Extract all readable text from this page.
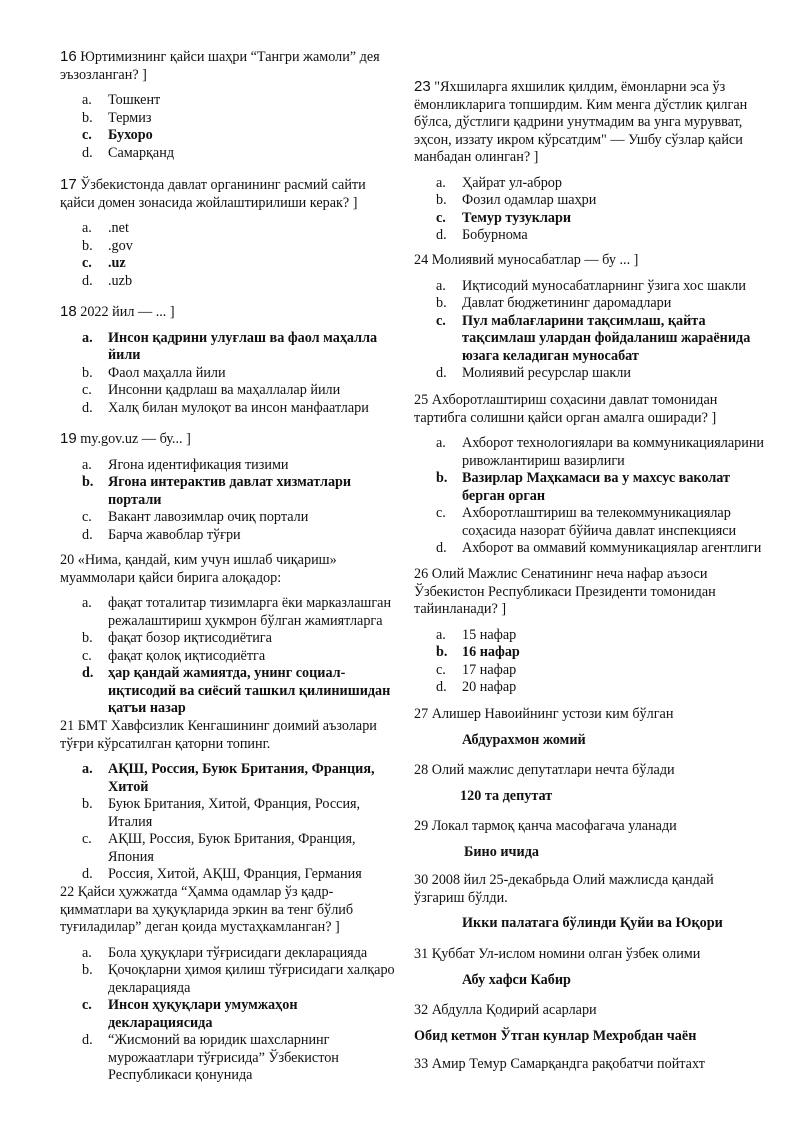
16 Юртимизнинг қайси шаҳри “Тангри жамоли” дея эъзозланган? ]

a. Тошкент
b. Термиз
c. Бухоро
d. Самарқанд

17 Ўзбекистонда давлат органининг расмий сайти қайси домен зонасида жойлаштирилиши керак? ]

a. .net
b. .gov
c. .uz
d. .uzb

18 2022 йил — ... ]

a. Инсон қадрини улуғлаш ва фаол маҳалла йили
b. Фаол маҳалла йили
c. Инсонни қадрлаш ва маҳаллалар йили
d. Халқ билан мулоқот ва инсон манфаатлари

19 my.gov.uz — бу... ]

a. Ягона идентификация тизими
b. Ягона интерактив давлат хизматлари портали
c. Вакант лавозимлар очиқ портали
d. Барча жавоблар тўғри

20 «Нима, қандай, ким учун ишлаб чиқариш» муаммолари қайси бирига алоқадор:

a. фақат тоталитар тизимларга ёки марказлашган режалаштириш ҳукмрон бўлган жамиятларга
b. фақат бозор иқтисодиётига
c. фақат қолоқ иқтисодиётга
d. ҳар қандай жамиятда, унинг социал-иқтисодий ва сиёсий ташкил қилинишидан қатъи назар

21 БМТ Хавфсизлик Кенгашининг доимий аъзолари тўғри кўрсатилган қаторни топинг.

a. АҚШ, Россия, Буюк Британия, Франция, Хитой
b. Буюк Британия, Хитой, Франция, Россия, Италия
c. АҚШ, Россия, Буюк Британия, Франция, Япония
d. Россия, Хитой, АҚШ, Франция, Германия

22 Қайси ҳужжатда “Ҳамма одамлар ўз қадр-қимматлари ва ҳуқуқларида эркин ва тенг бўлиб туғиладилар” деган қоида мустаҳкамланган? ]

a. Бола ҳуқуқлари тўғрисидаги декларацияда
b. Қочоқларни ҳимоя қилиш тўғрисидаги халқаро декларацияда
c. Инсон ҳуқуқлари умумжаҳон декларациясида
d. “Жисмоний ва юридик шахсларнинг мурожаатлари тўғрисида” Ўзбекистон Республикаси қонунида

23 "Яхшиларга яхшилик қилдим, ёмонларни эса ўз ёмонликларига топширдим. Ким менга дўстлик қилган бўлса, дўстлиги қадрини унутмадим ва унга мурувват, эҳсон, иззату икром кўрсатдим" — Ушбу сўзлар қайси манбадан олинган? ]

a. Ҳайрат ул-аброр
b. Фозил одамлар шаҳри
c. Темур тузуклари
d. Бобурнома

24 Молиявий муносабатлар — бу ... ]

a. Иқтисодий муносабатларнинг ўзига хос шакли
b. Давлат бюджетининг даромадлари
c. Пул маблағларини тақсимлаш, қайта тақсимлаш улардан фойдаланиш жараёнида юзага келадиган муносабат
d. Молиявий ресурслар шакли

25 Ахборотлаштириш соҳасини давлат томонидан тартибга солишни қайси орган амалга оширади? ]

a. Ахборот технологиялари ва коммуникацияларини ривожлантириш вазирлиги
b. Вазирлар Маҳкамаси ва у махсус ваколат берган орган
c. Ахборотлаштириш ва телекоммуникациялар соҳасида назорат бўйича давлат инспекцияси
d. Ахборот ва оммавий коммуникациялар агентлиги

26 Олий Мажлис Сенатининг неча нафар аъзоси Ўзбекистон Республикаси Президенти томонидан тайинланади? ]

a. 15 нафар
b. 16 нафар
c. 17 нафар
d. 20 нафар

27 Алишер Навоийнинг устози ким бўлган

Абдурахмон жомий

28 Олий мажлис депутатлари нечта бўлади

120 та депутат

29 Локал тармоқ қанча масофагача уланади

Бино ичида

30 2008 йил 25-декабрьда Олий мажлисда қандай ўзгариш бўлди.

Икки палатага бўлинди Қуйи ва Юқори

31 Қуббат Ул-ислом номини олган ўзбек олими

Абу хафси Кабир

32 Абдулла Қодирий асарлари

Обид кетмон Ўтган кунлар Мехробдан чаён

33 Амир Темур Самарқандга рақобатчи пойтахт
